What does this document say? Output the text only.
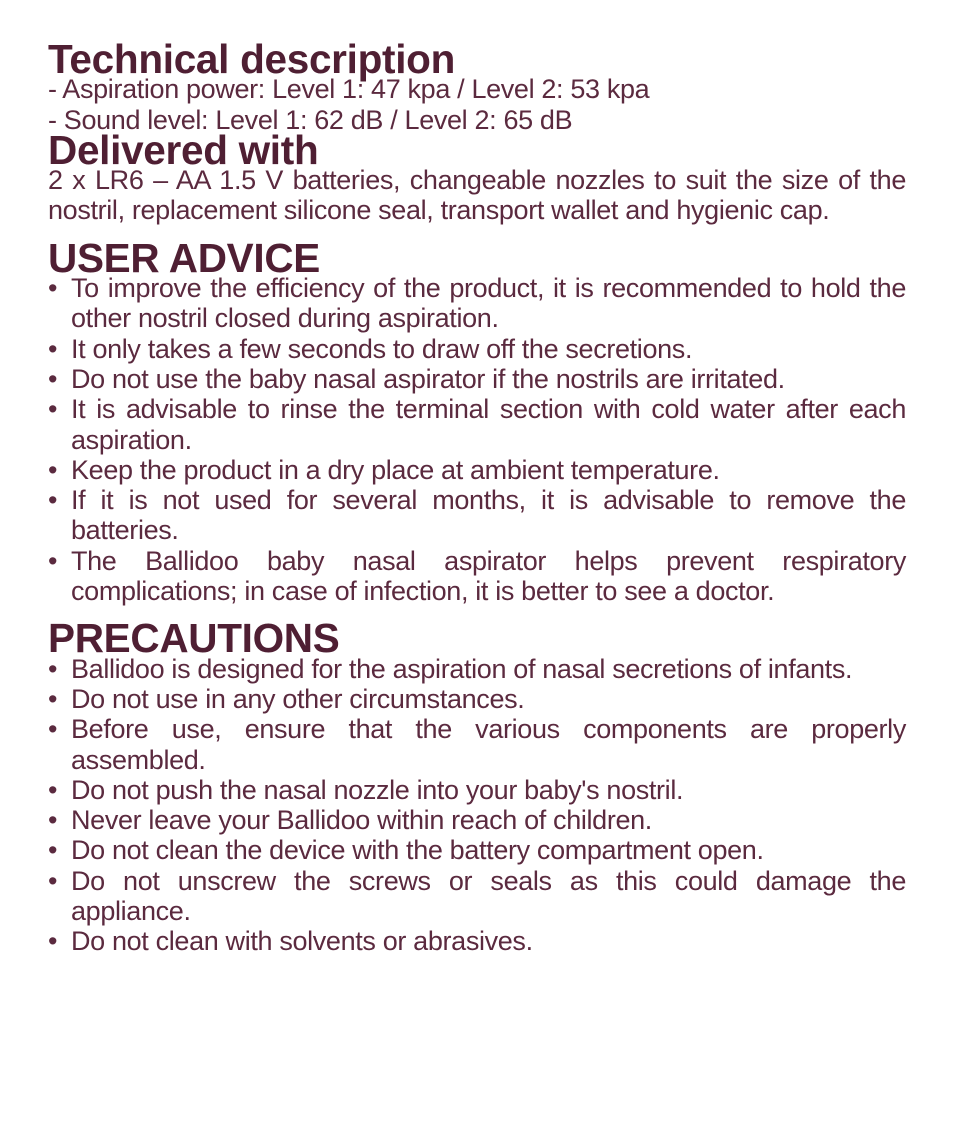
Technical description

- Aspiration power: Level 1: 47 kpa / Level 2: 53 kpa

- Sound level: Level 1: 62 dB / Level 2: 65 dB

Delivered with

2 x LR6 – AA 1.5 V batteries, changeable nozzles to suit the size of the nostril, replacement silicone seal, transport wallet and hygienic cap.

USER ADVICE
• To improve the efficiency of the product, it is recommended to hold the other nostril closed during aspiration.
• It only takes a few seconds to draw off the secretions.
• Do not use the baby nasal aspirator if the nostrils are irritated.
• It is advisable to rinse the terminal section with cold water after each aspiration.
• Keep the product in a dry place at ambient temperature.
• If it is not used for several months, it is advisable to remove the batteries.
• The Ballidoo baby nasal aspirator helps prevent respiratory complications; in case of infection, it is better to see a doctor.
PRECAUTIONS
• Ballidoo is designed for the aspiration of nasal secretions of infants.
• Do not use in any other circumstances.
• Before use, ensure that the various components are properly assembled.
• Do not push the nasal nozzle into your baby's nostril.
• Never leave your Ballidoo within reach of children.
• Do not clean the device with the battery compartment open.
• Do not unscrew the screws or seals as this could damage the appliance.
• Do not clean with solvents or abrasives.
